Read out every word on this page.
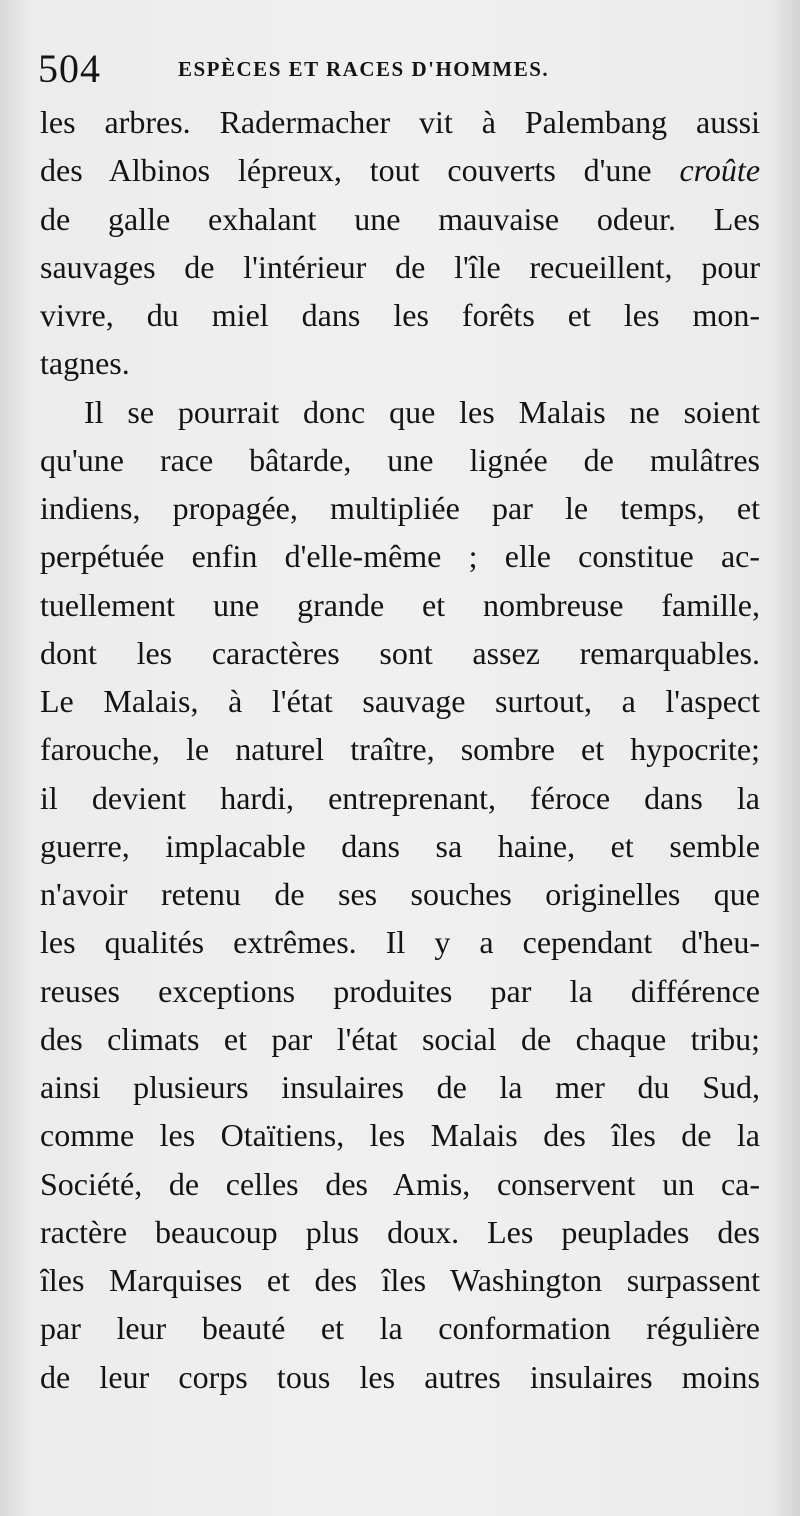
504	ESPÈCES ET RACES D'HOMMES.
les arbres. Radermacher vit à Palembang aussi
des Albinos lépreux, tout couverts d'une croûte
de galle exhalant une mauvaise odeur. Les
sauvages de l'intérieur de l'île recueillent, pour
vivre, du miel dans les forêts et les mon-
tagnes.
Il se pourrait donc que les Malais ne soient
qu'une race bâtarde, une lignée de mulâtres
indiens, propagée, multipliée par le temps, et
perpétuée enfin d'elle-même ; elle constitue ac-
tuellement une grande et nombreuse famille,
dont les caractères sont assez remarquables.
Le Malais, à l'état sauvage surtout, a l'aspect
farouche, le naturel traître, sombre et hypocrite;
il devient hardi, entreprenant, féroce dans la
guerre, implacable dans sa haine, et semble
n'avoir retenu de ses souches originelles que
les qualités extrêmes. Il y a cependant d'heu-
reuses exceptions produites par la différence
des climats et par l'état social de chaque tribu;
ainsi plusieurs insulaires de la mer du Sud,
comme les Otaïtiens, les Malais des îles de la
Société, de celles des Amis, conservent un ca-
ractère beaucoup plus doux. Les peuplades des
îles Marquises et des îles Washington surpassent
par leur beauté et la conformation régulière
de leur corps tous les autres insulaires moins
